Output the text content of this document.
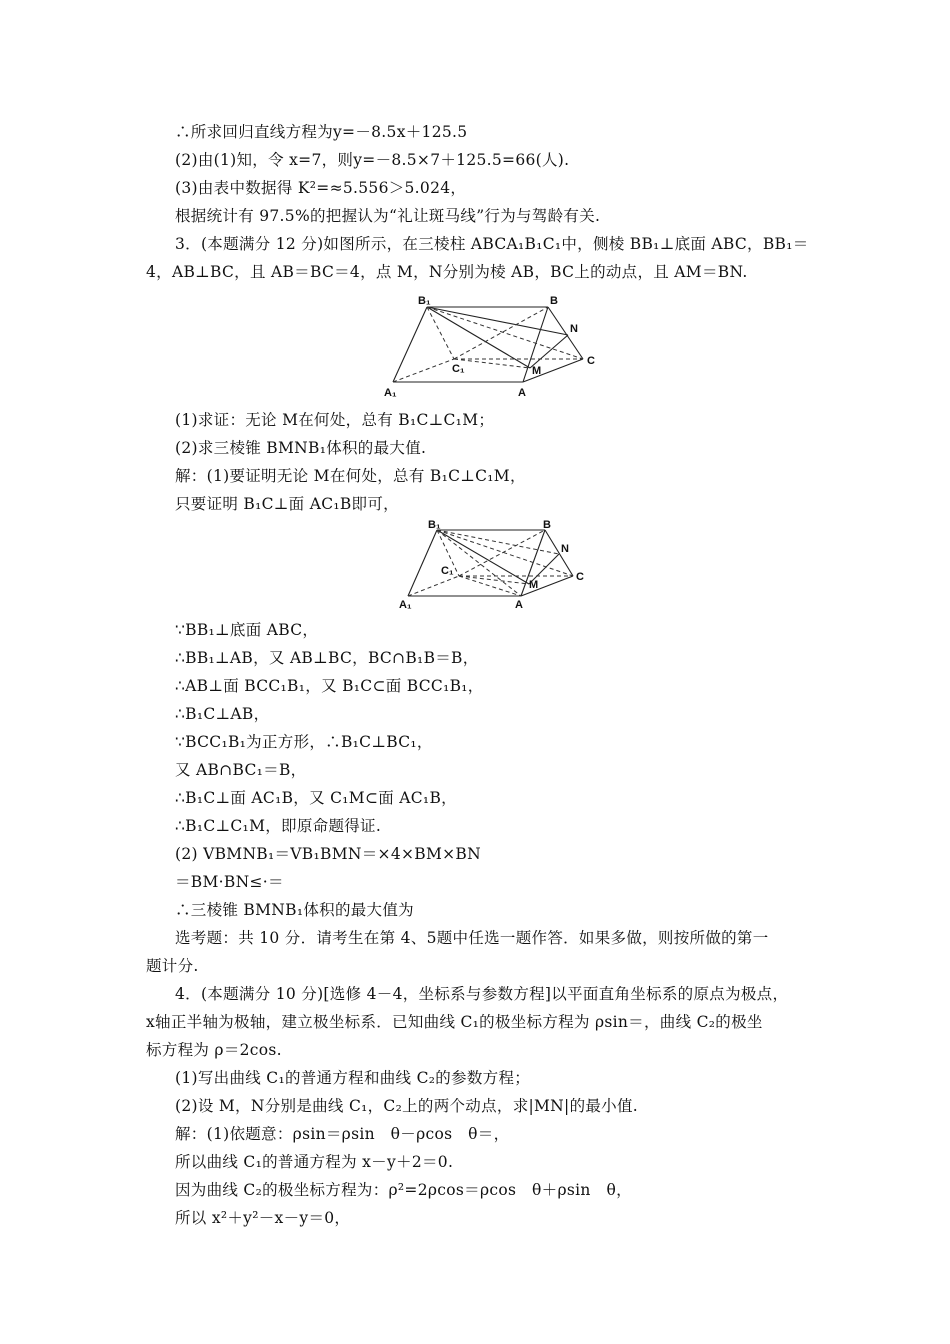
∴所求回归直线方程为y=－8.5x＋125.5
(2)由(1)知，令 x=7，则y=－8.5×7＋125.5=66(人).
(3)由表中数据得 K²=≈5.556＞5.024，
根据统计有 97.5%的把握认为“礼让斑马线”行为与驾龄有关.
3．(本题满分 12 分)如图所示，在三棱柱 ABCA₁B₁C₁中，侧棱 BB₁⊥底面 ABC，BB₁＝
4，AB⊥BC，且 AB＝BC＝4，点 M，N分别为棱 AB，BC上的动点，且 AM＝BN.
B₁	B
N
C
C₁	M
A₁	A
(1)求证：无论 M在何处，总有 B₁C⊥C₁M；
(2)求三棱锥 BMNB₁体积的最大值.
解：(1)要证明无论 M在何处，总有 B₁C⊥C₁M，
只要证明 B₁C⊥面 AC₁B即可，
B₁	B
N
C
C₁
M
A₁	A
∵BB₁⊥底面 ABC，
∴BB₁⊥AB，又 AB⊥BC，BC∩B₁B＝B，
∴AB⊥面 BCC₁B₁，又 B₁C⊂面 BCC₁B₁，
∴B₁C⊥AB，
∵BCC₁B₁为正方形，∴B₁C⊥BC₁，
又 AB∩BC₁＝B，
∴B₁C⊥面 AC₁B，又 C₁M⊂面 AC₁B，
∴B₁C⊥C₁M，即原命题得证.
(2) VBMNB₁＝VB₁BMN＝×4×BM×BN
＝BM·BN≤·＝
∴三棱锥 BMNB₁体积的最大值为
选考题：共 10 分．请考生在第 4、5题中任选一题作答．如果多做，则按所做的第一
题计分.
4．(本题满分 10 分)[选修 4－4，坐标系与参数方程]以平面直角坐标系的原点为极点，
x轴正半轴为极轴，建立极坐标系．已知曲线 C₁的极坐标方程为 ρsin＝，曲线 C₂的极坐
标方程为 ρ＝2cos.
(1)写出曲线 C₁的普通方程和曲线 C₂的参数方程；
(2)设 M，N分别是曲线 C₁，C₂上的两个动点，求|MN|的最小值.
解：(1)依题意：ρsin＝ρsin　θ－ρcos　θ＝，
所以曲线 C₁的普通方程为 x－y＋2＝0.
因为曲线 C₂的极坐标方程为：ρ²=2ρcos＝ρcos　θ＋ρsin　θ，
所以 x²＋y²－x－y＝0，
